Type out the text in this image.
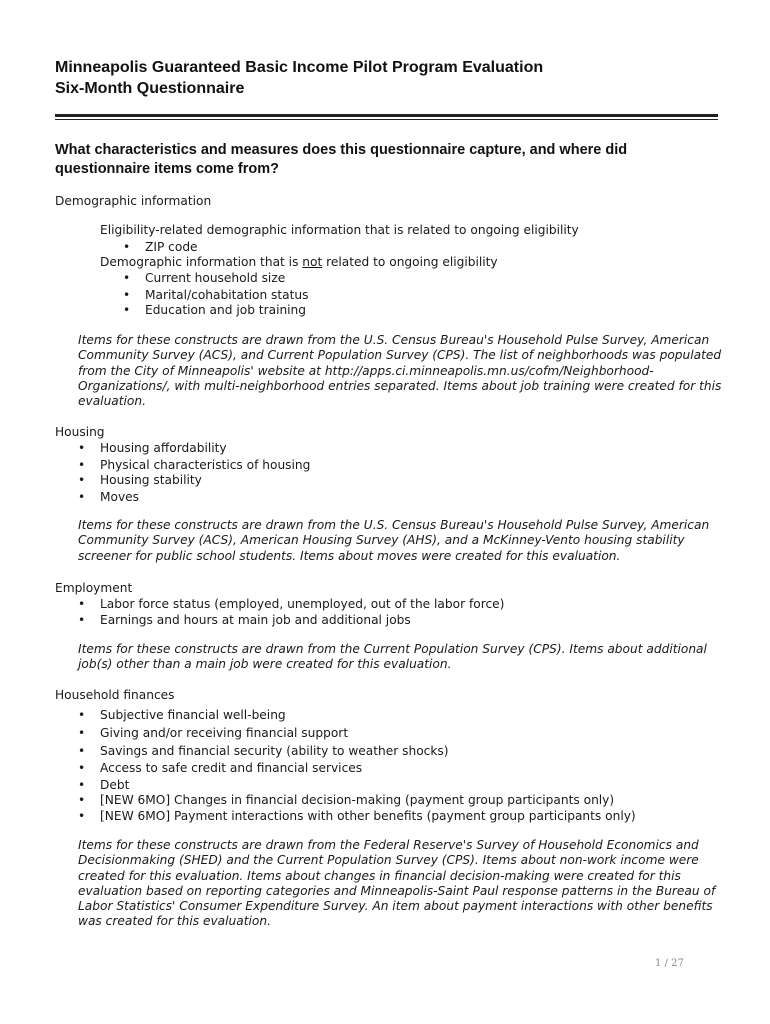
Minneapolis Guaranteed Basic Income Pilot Program Evaluation
Six-Month Questionnaire
What characteristics and measures does this questionnaire capture, and where did questionnaire items come from?
Demographic information
Eligibility-related demographic information that is related to ongoing eligibility
• ZIP code
Demographic information that is not related to ongoing eligibility
• Current household size
• Marital/cohabitation status
• Education and job training
Items for these constructs are drawn from the U.S. Census Bureau's Household Pulse Survey, American Community Survey (ACS), and Current Population Survey (CPS). The list of neighborhoods was populated from the City of Minneapolis' website at http://apps.ci.minneapolis.mn.us/cofm/Neighborhood-Organizations/, with multi-neighborhood entries separated. Items about job training were created for this evaluation.
Housing
• Housing affordability
• Physical characteristics of housing
• Housing stability
• Moves
Items for these constructs are drawn from the U.S. Census Bureau's Household Pulse Survey, American Community Survey (ACS), American Housing Survey (AHS), and a McKinney-Vento housing stability screener for public school students. Items about moves were created for this evaluation.
Employment
• Labor force status (employed, unemployed, out of the labor force)
• Earnings and hours at main job and additional jobs
Items for these constructs are drawn from the Current Population Survey (CPS). Items about additional job(s) other than a main job were created for this evaluation.
Household finances
• Subjective financial well-being
• Giving and/or receiving financial support
• Savings and financial security (ability to weather shocks)
• Access to safe credit and financial services
• Debt
• [NEW 6MO] Changes in financial decision-making (payment group participants only)
• [NEW 6MO] Payment interactions with other benefits (payment group participants only)
Items for these constructs are drawn from the Federal Reserve's Survey of Household Economics and Decisionmaking (SHED) and the Current Population Survey (CPS). Items about non-work income were created for this evaluation. Items about changes in financial decision-making were created for this evaluation based on reporting categories and Minneapolis-Saint Paul response patterns in the Bureau of Labor Statistics' Consumer Expenditure Survey. An item about payment interactions with other benefits was created for this evaluation.
1 / 27
